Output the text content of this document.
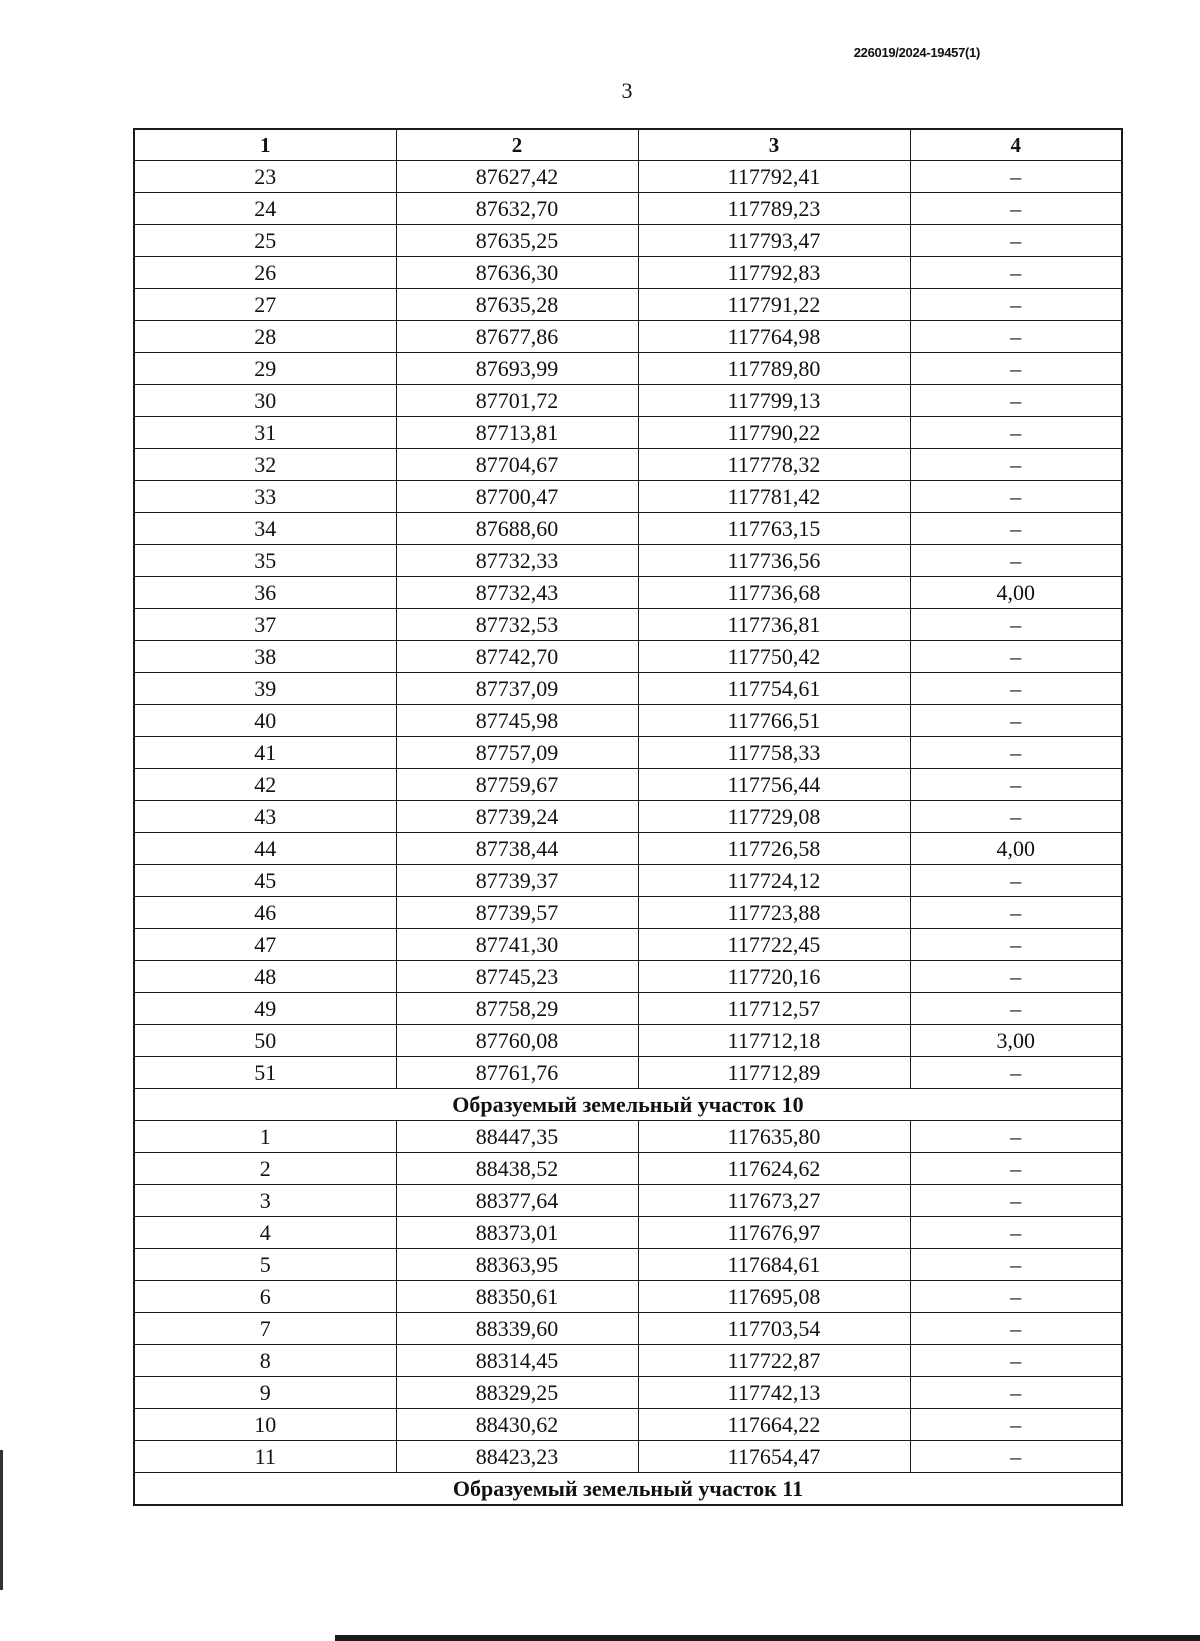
226019/2024-19457(1)
3
1	2	3	4
23	87627,42	117792,41	–
24	87632,70	117789,23	–
25	87635,25	117793,47	–
26	87636,30	117792,83	–
27	87635,28	117791,22	–
28	87677,86	117764,98	–
29	87693,99	117789,80	–
30	87701,72	117799,13	–
31	87713,81	117790,22	–
32	87704,67	117778,32	–
33	87700,47	117781,42	–
34	87688,60	117763,15	–
35	87732,33	117736,56	–
36	87732,43	117736,68	4,00
37	87732,53	117736,81	–
38	87742,70	117750,42	–
39	87737,09	117754,61	–
40	87745,98	117766,51	–
41	87757,09	117758,33	–
42	87759,67	117756,44	–
43	87739,24	117729,08	–
44	87738,44	117726,58	4,00
45	87739,37	117724,12	–
46	87739,57	117723,88	–
47	87741,30	117722,45	–
48	87745,23	117720,16	–
49	87758,29	117712,57	–
50	87760,08	117712,18	3,00
51	87761,76	117712,89	–
Образуемый земельный участок 10			
1	88447,35	117635,80	–
2	88438,52	117624,62	–
3	88377,64	117673,27	–
4	88373,01	117676,97	–
5	88363,95	117684,61	–
6	88350,61	117695,08	–
7	88339,60	117703,54	–
8	88314,45	117722,87	–
9	88329,25	117742,13	–
10	88430,62	117664,22	–
11	88423,23	117654,47	–
Образуемый земельный участок 11			
